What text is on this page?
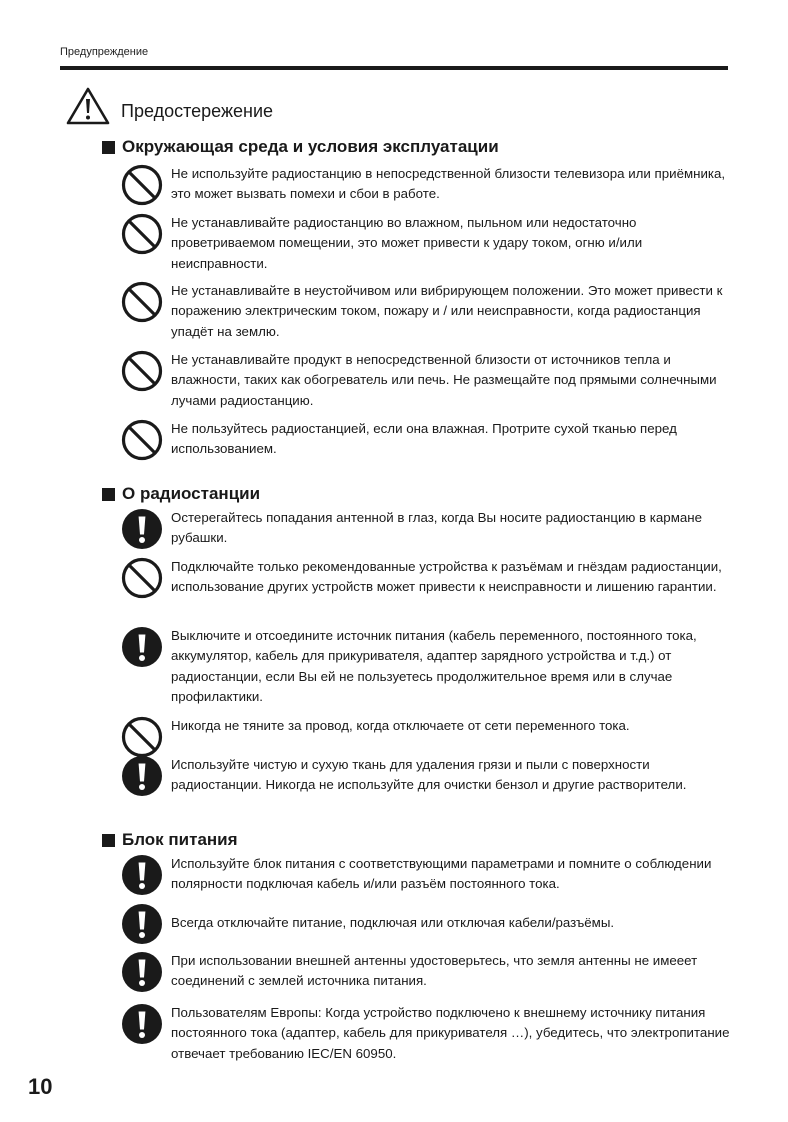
Предупреждение
Предостережение
Окружающая среда и условия эксплуатации
Не используйте радиостанцию в непосредственной близости телевизора или приёмника, это может вызвать помехи и сбои в работе.
Не устанавливайте радиостанцию во влажном, пыльном или недостаточно проветриваемом помещении, это может привести к удару током, огню и/или неисправности.
Не устанавливайте в неустойчивом или вибрирующем положении. Это может привести к поражению электрическим током, пожару и / или неисправности, когда радиостанция упадёт на землю.
Не устанавливайте продукт в непосредственной близости от источников тепла и влажности, таких как обогреватель или печь. Не размещайте под прямыми солнечными лучами радиостанцию.
Не пользуйтесь радиостанцией, если она влажная. Протрите сухой тканью перед использованием.
О радиостанции
Остерегайтесь попадания антенной в глаз, когда Вы носите радиостанцию в кармане рубашки.
Подключайте только рекомендованные устройства к разъёмам и гнёздам радиостанции, использование других устройств может привести к неисправности и лишению гарантии.
Выключите и отсоедините источник питания (кабель переменного, постоянного тока, аккумулятор, кабель для прикуривателя, адаптер зарядного устройства и т.д.) от радиостанции, если Вы ей не пользуетесь продолжительное время или в случае профилактики.
Никогда не тяните за провод, когда отключаете от сети переменного тока.
Используйте чистую и сухую ткань для удаления грязи и пыли с поверхности радиостанции. Никогда не используйте для очистки бензол и другие растворители.
Блок питания
Используйте блок питания с соответствующими параметрами и помните о соблюдении полярности подключая кабель и/или разъём постоянного тока.
Всегда отключайте питание, подключая или отключая кабели/разъёмы.
При использовании внешней антенны удостоверьтесь, что земля антенны не имееет соединений с землей источника питания.
Пользователям Европы: Когда устройство подключено к внешнему источнику питания постоянного тока (адаптер, кабель для прикуривателя …), убедитесь, что электропитание отвечает требованию IEC/EN 60950.
10
